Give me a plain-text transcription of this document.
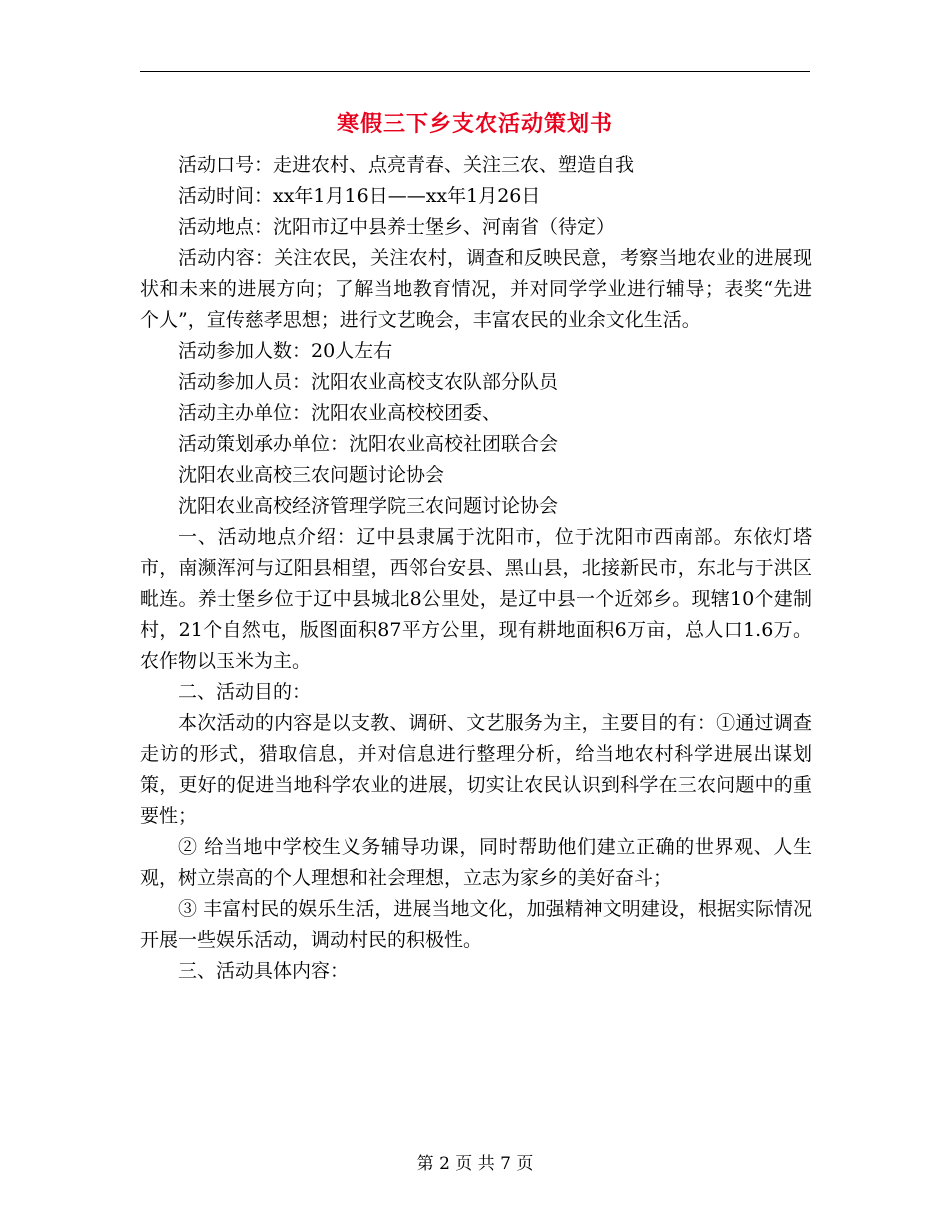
寒假三下乡支农活动策划书

活动口号：走进农村、点亮青春、关注三农、塑造自我

活动时间：xx年1月16日——xx年1月26日

活动地点：沈阳市辽中县养士堡乡、河南省（待定）

活动内容：关注农民，关注农村，调查和反映民意，考察当地农业的进展现状和未来的进展方向；了解当地教育情况，并对同学学业进行辅导；表奖“先进个人”，宣传慈孝思想；进行文艺晚会，丰富农民的业余文化生活。

活动参加人数：20人左右

活动参加人员：沈阳农业高校支农队部分队员

活动主办单位：沈阳农业高校校团委、

活动策划承办单位：沈阳农业高校社团联合会

沈阳农业高校三农问题讨论协会

沈阳农业高校经济管理学院三农问题讨论协会

一、活动地点介绍：辽中县隶属于沈阳市，位于沈阳市西南部。东依灯塔市，南濒浑河与辽阳县相望，西邻台安县、黑山县，北接新民市，东北与于洪区毗连。养士堡乡位于辽中县城北8公里处，是辽中县一个近郊乡。现辖10个建制村，21个自然屯，版图面积87平方公里，现有耕地面积6万亩，总人口1.6万。农作物以玉米为主。

二、活动目的：

本次活动的内容是以支教、调研、文艺服务为主，主要目的有：①通过调查走访的形式，猎取信息，并对信息进行整理分析，给当地农村科学进展出谋划策，更好的促进当地科学农业的进展，切实让农民认识到科学在三农问题中的重要性；

② 给当地中学校生义务辅导功课，同时帮助他们建立正确的世界观、人生观，树立崇高的个人理想和社会理想，立志为家乡的美好奋斗；

③ 丰富村民的娱乐生活，进展当地文化，加强精神文明建设，根据实际情况开展一些娱乐活动，调动村民的积极性。

三、活动具体内容：

第 2 页 共 7 页
